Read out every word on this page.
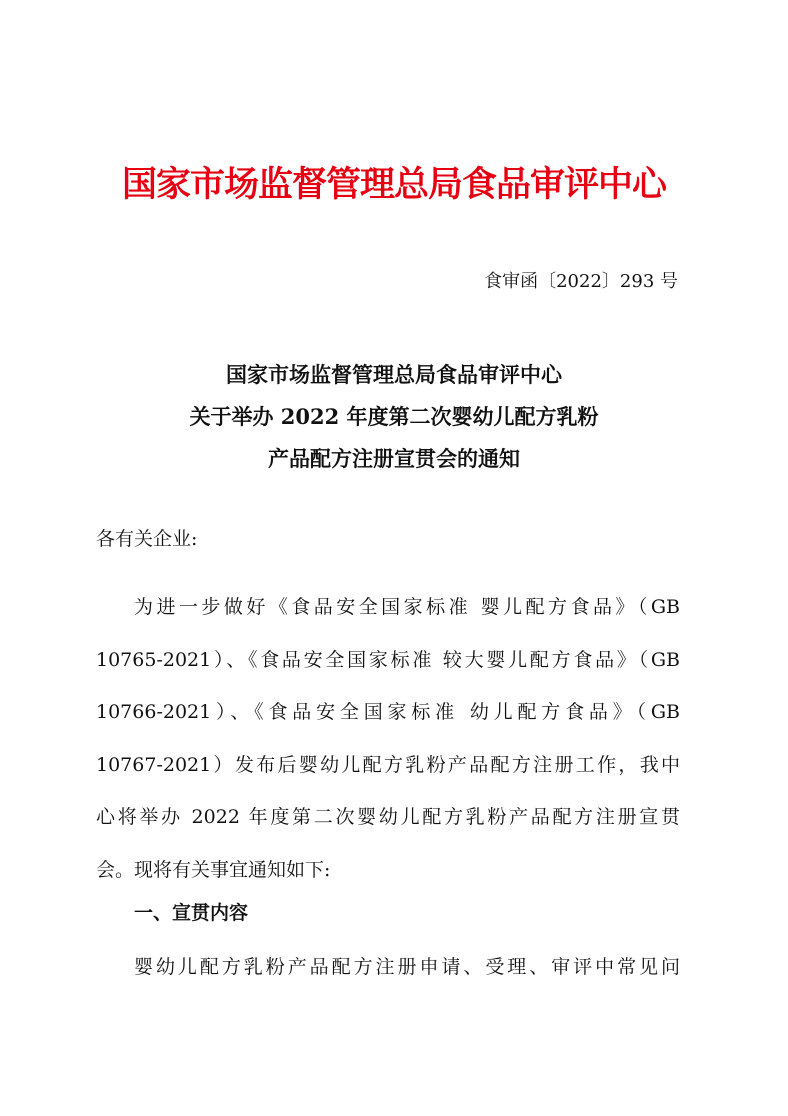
国家市场监督管理总局食品审评中心
食审函〔2022〕293 号
国家市场监督管理总局食品审评中心
关于举办 2022 年度第二次婴幼儿配方乳粉
产品配方注册宣贯会的通知
各有关企业:
为进一步做好《食品安全国家标准 婴儿配方食品》（GB
10765-2021）、《食品安全国家标准 较大婴儿配方食品》（GB
10766-2021）、《食品安全国家标准 幼儿配方食品》（GB
10767-2021）发布后婴幼儿配方乳粉产品配方注册工作，我中
心将举办 2022 年度第二次婴幼儿配方乳粉产品配方注册宣贯
会。现将有关事宜通知如下:
一、宣贯内容
婴幼儿配方乳粉产品配方注册申请、受理、审评中常见问
